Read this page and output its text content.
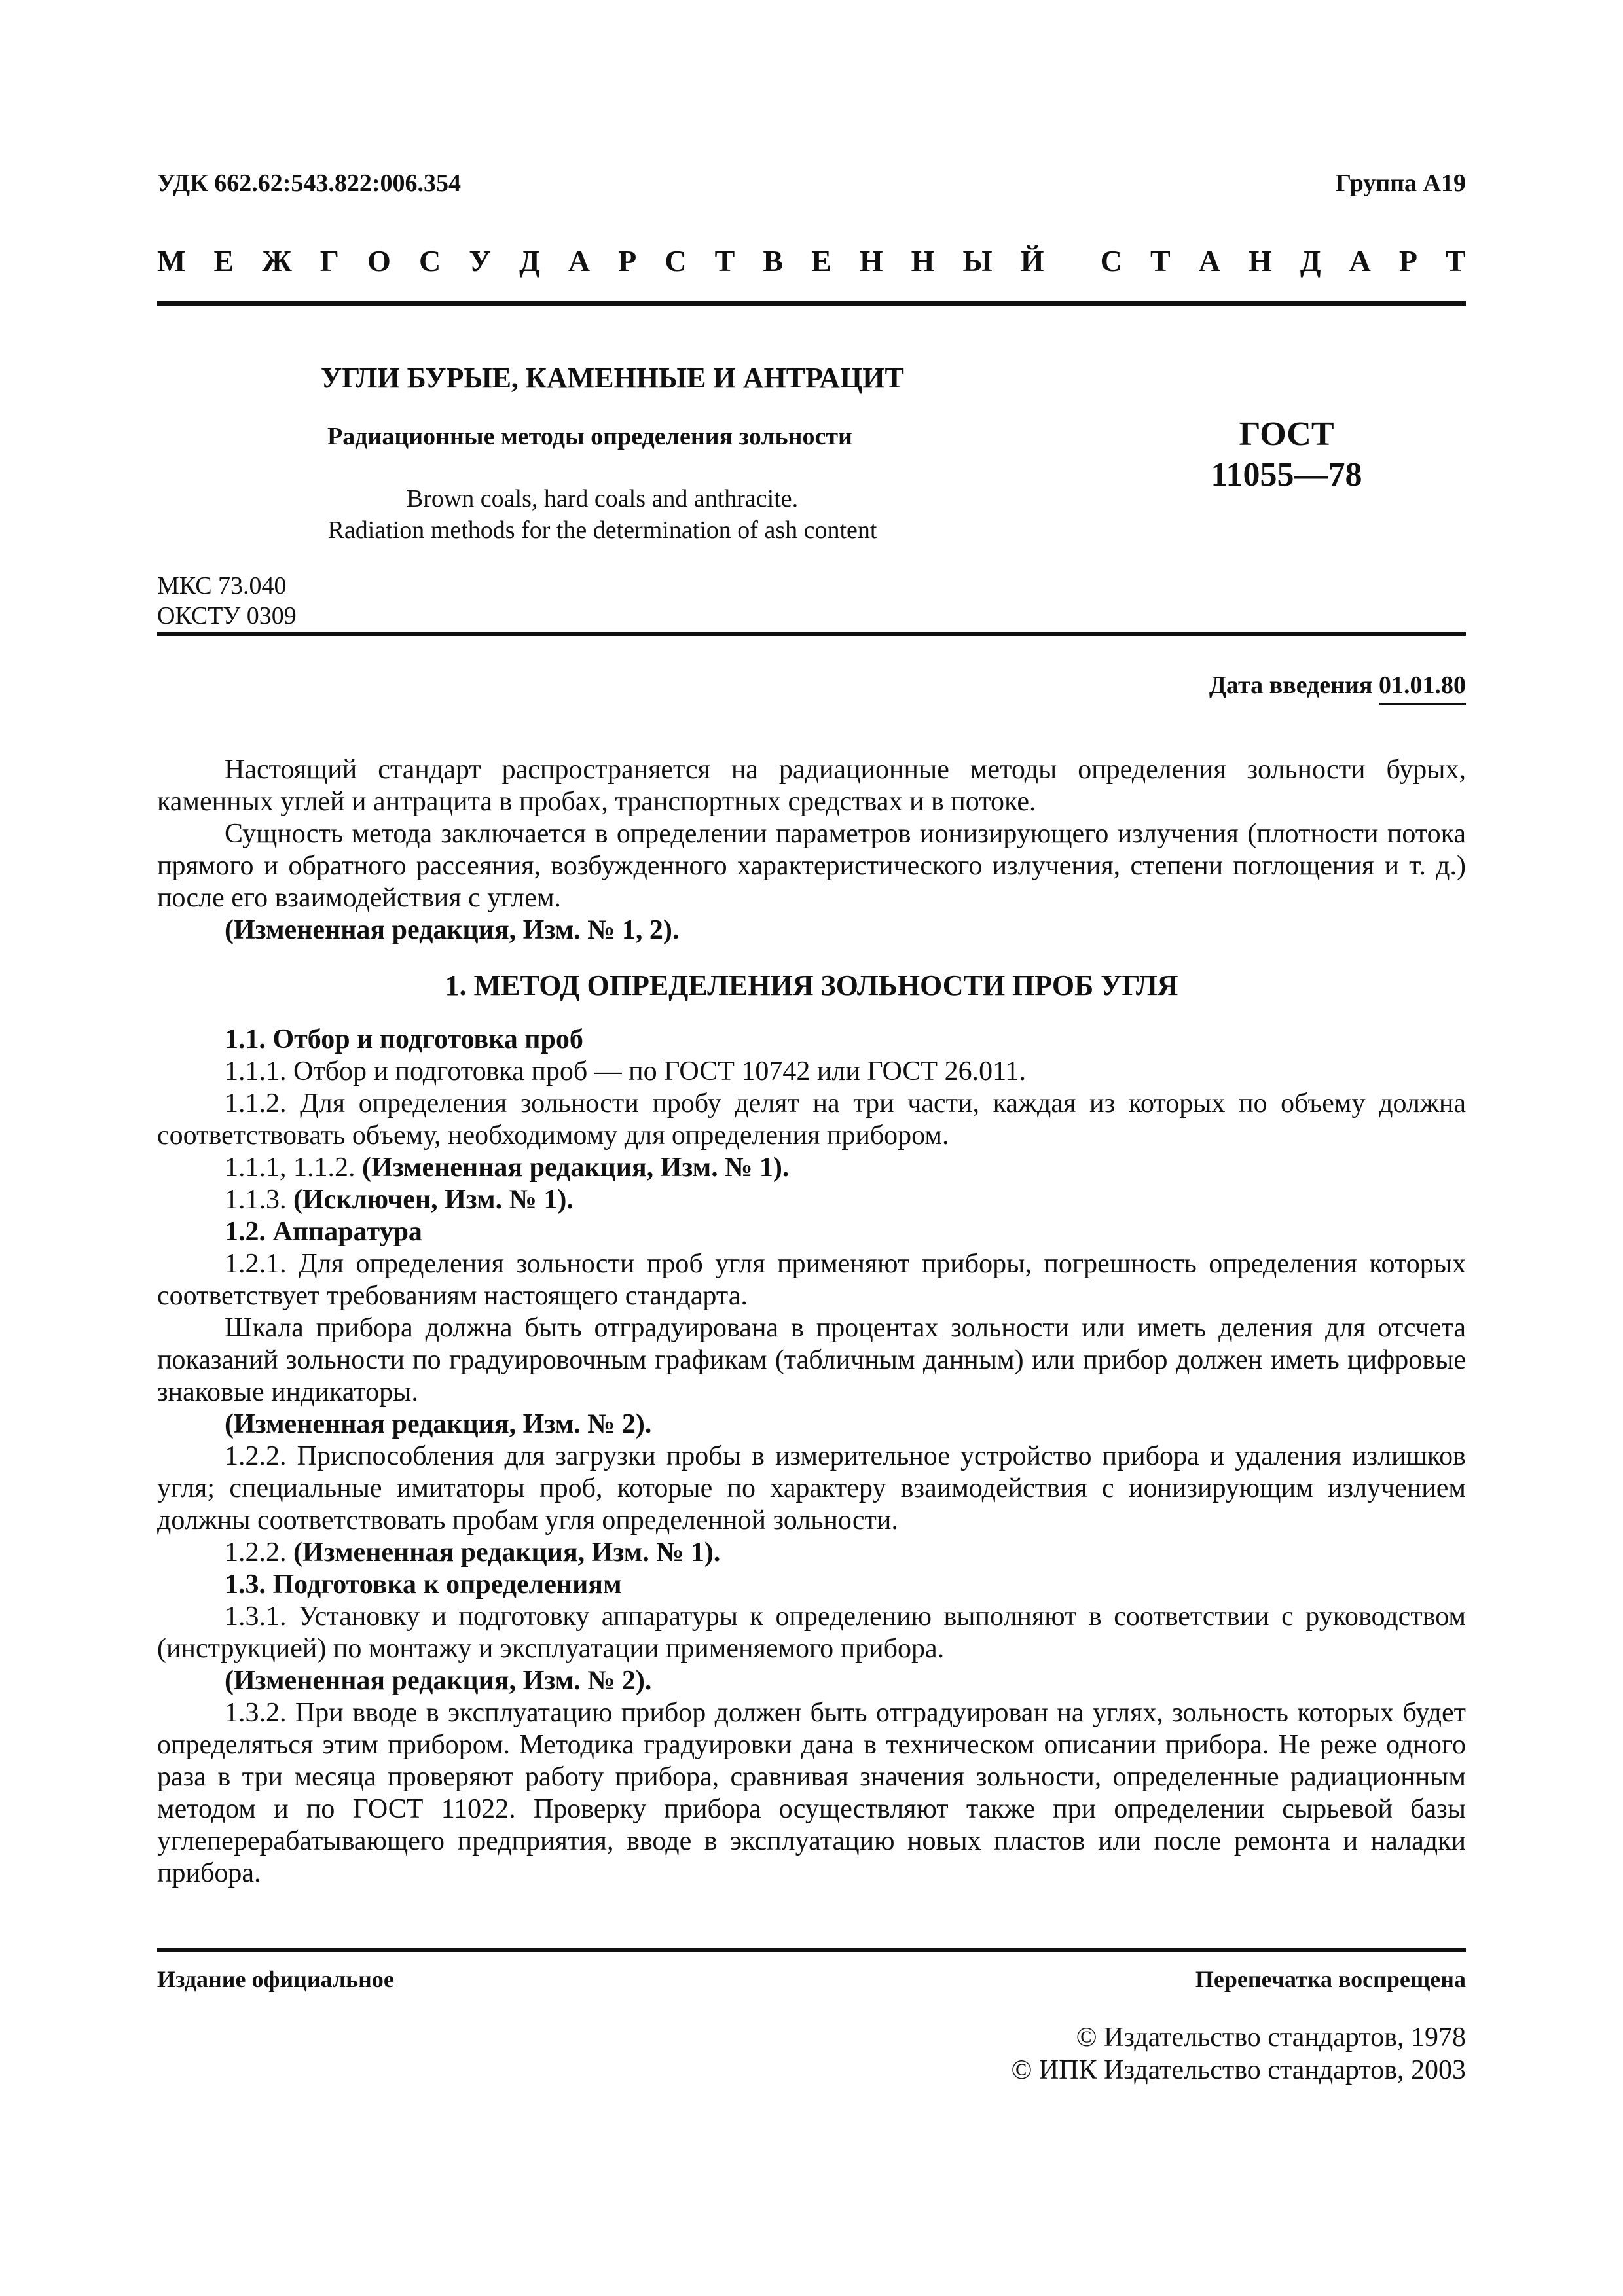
УДК 662.62:543.822:006.354	Группа А19
М Е Ж Г О С У Д А Р С Т В Е Н Н Ы Й С Т А Н Д А Р Т
УГЛИ БУРЫЕ, КАМЕННЫЕ И АНТРАЦИТ
Радиационные методы определения зольности
Brown coals, hard coals and anthracite.
Radiation methods for the determination of ash content
ГОСТ
11055—78
МКС 73.040
ОКСТУ 0309
Дата введения 01.01.80

Настоящий стандарт распространяется на радиационные методы определения зольности бурых, каменных углей и антрацита в пробах, транспортных средствах и в потоке.

Сущность метода заключается в определении параметров ионизирующего излучения (плотности потока прямого и обратного рассеяния, возбужденного характеристического излучения, степени поглощения и т. д.) после его взаимодействия с углем.

(Измененная редакция, Изм. № 1, 2).

1. МЕТОД ОПРЕДЕЛЕНИЯ ЗОЛЬНОСТИ ПРОБ УГЛЯ

1.1. Отбор и подготовка проб

1.1.1. Отбор и подготовка проб — по ГОСТ 10742 или ГОСТ 26.011.

1.1.2. Для определения зольности пробу делят на три части, каждая из которых по объему должна соответствовать объему, необходимому для определения прибором.

1.1.1, 1.1.2. (Измененная редакция, Изм. № 1).

1.1.3. (Исключен, Изм. № 1).

1.2. Аппаратура

1.2.1. Для определения зольности проб угля применяют приборы, погрешность определения которых соответствует требованиям настоящего стандарта.

Шкала прибора должна быть отградуирована в процентах зольности или иметь деления для отсчета показаний зольности по градуировочным графикам (табличным данным) или прибор должен иметь цифровые знаковые индикаторы.

(Измененная редакция, Изм. № 2).

1.2.2. Приспособления для загрузки пробы в измерительное устройство прибора и удаления излишков угля; специальные имитаторы проб, которые по характеру взаимодействия с ионизирующим излучением должны соответствовать пробам угля определенной зольности.

1.2.2. (Измененная редакция, Изм. № 1).

1.3. Подготовка к определениям

1.3.1. Установку и подготовку аппаратуры к определению выполняют в соответствии с руководством (инструкцией) по монтажу и эксплуатации применяемого прибора.

(Измененная редакция, Изм. № 2).

1.3.2. При вводе в эксплуатацию прибор должен быть отградуирован на углях, зольность которых будет определяться этим прибором. Методика градуировки дана в техническом описании прибора. Не реже одного раза в три месяца проверяют работу прибора, сравнивая значения зольности, определенные радиационным методом и по ГОСТ 11022. Проверку прибора осуществляют также при определении сырьевой базы углеперерабатывающего предприятия, вводе в эксплуатацию новых пластов или после ремонта и наладки прибора.

Издание официальное	Перепечатка воспрещена
© Издательство стандартов, 1978
© ИПК Издательство стандартов, 2003
